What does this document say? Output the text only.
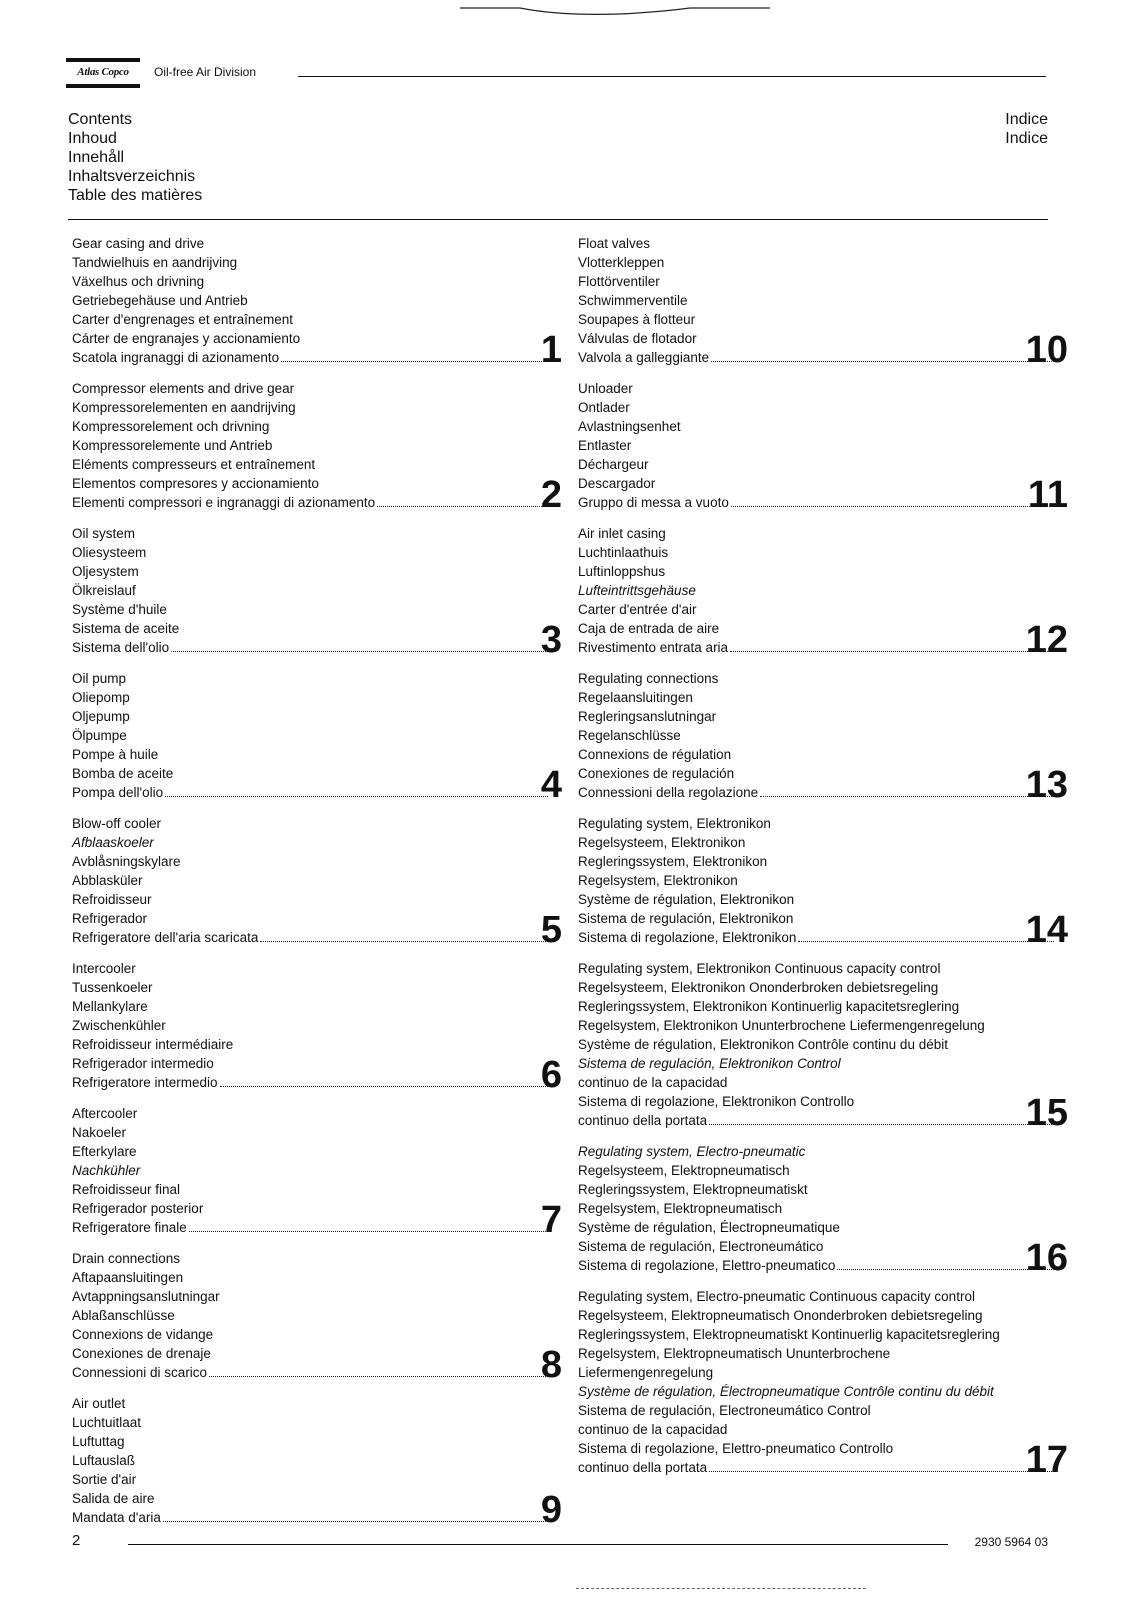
Atlas Copco	Oil-free Air Division
Contents
Inhoud
Innehåll
Inhaltsverzeichnis
Table des matières
Indice
Indice
Gear casing and drive
Tandwielhuis en aandrijving
Växelhus och drivning
Getriebegehäuse und Antrieb
Carter d'engrenages et entraînement
Cárter de engranajes y accionamiento
Scatola ingranaggi di azionamento	1
Compressor elements and drive gear
Kompressorelementen en aandrijving
Kompressorelement och drivning
Kompressorelemente und Antrieb
Eléments compresseurs et entraînement
Elementos compresores y accionamiento
Elementi compressori e ingranaggi di azionamento	2
Oil system
Oliesysteem
Oljesystem
Ölkreislauf
Système d'huile
Sistema de aceite
Sistema dell'olio	3
Oil pump
Oliepomp
Oljepump
Ölpumpe
Pompe à huile
Bomba de aceite
Pompa dell'olio	4
Blow-off cooler
Afblaaskoeler
Avblåsningskylare
Abblasküler
Refroidisseur
Refrigerador
Refrigeratore dell'aria scaricata	5
Intercooler
Tussenkoeler
Mellankylare
Zwischenkühler
Refroidisseur intermédiaire
Refrigerador intermedio
Refrigeratore intermedio	6
Aftercooler
Nakoeler
Efterkylare
Nachkühler
Refroidisseur final
Refrigerador posterior
Refrigeratore finale	7
Drain connections
Aftapaansluitingen
Avtappningsanslutningar
Ablaßanschlüsse
Connexions de vidange
Conexiones de drenaje
Connessioni di scarico	8
Air outlet
Luchtuitlaat
Luftuttag
Luftauslaß
Sortie d'air
Salida de aire
Mandata d'aria	9
Float valves
Vlotterkleppen
Flottörventiler
Schwimmerventile
Soupapes à flotteur
Válvulas de flotador
Valvola a galleggiante	10
Unloader
Ontlader
Avlastningsenhet
Entlaster
Déchargeur
Descargador
Gruppo di messa a vuoto	11
Air inlet casing
Luchtinlaathuis
Luftinloppshus
Lufteintrittsgehäuse
Carter d'entrée d'air
Caja de entrada de aire
Rivestimento entrata aria	12
Regulating connections
Regelaansluitingen
Regleringsanslutningar
Regelanschlüsse
Connexions de régulation
Conexiones de regulación
Connessioni della regolazione	13
Regulating system, Elektronikon
Regelsysteem, Elektronikon
Regleringssystem, Elektronikon
Regelsystem, Elektronikon
Système de régulation, Elektronikon
Sistema de regulación, Elektronikon
Sistema di regolazione, Elektronikon	14
Regulating system, Elektronikon Continuous capacity control
Regelsysteem, Elektronikon Ononderbroken debietsregeling
Regleringssystem, Elektronikon Kontinuerlig kapacitetsreglering
Regelsystem, Elektronikon Ununterbrochene Liefermengenregelung
Système de régulation, Elektronikon Contrôle continu du débit
Sistema de regulación, Elektronikon Control
continuo de la capacidad
Sistema di regolazione, Elektronikon Controllo
continuo della portata	15
Regulating system, Electro-pneumatic
Regelsysteem, Elektropneumatisch
Regleringssystem, Elektropneumatiskt
Regelsystem, Elektropneumatisch
Système de régulation, Électropneumatique
Sistema de regulación, Electroneumático
Sistema di regolazione, Elettro-pneumatico	16
Regulating system, Electro-pneumatic Continuous capacity control
Regelsysteem, Elektropneumatisch Ononderbroken debietsregeling
Regleringssystem, Elektropneumatiskt Kontinuerlig kapacitetsreglering
Regelsystem, Elektropneumatisch Ununterbrochene
Liefermengenregelung
Système de régulation, Électropneumatique Contrôle continu du débit
Sistema de regulación, Electroneumático Control
continuo de la capacidad
Sistema di regolazione, Elettro-pneumatico Controllo
continuo della portata	17
2	2930 5964 03
